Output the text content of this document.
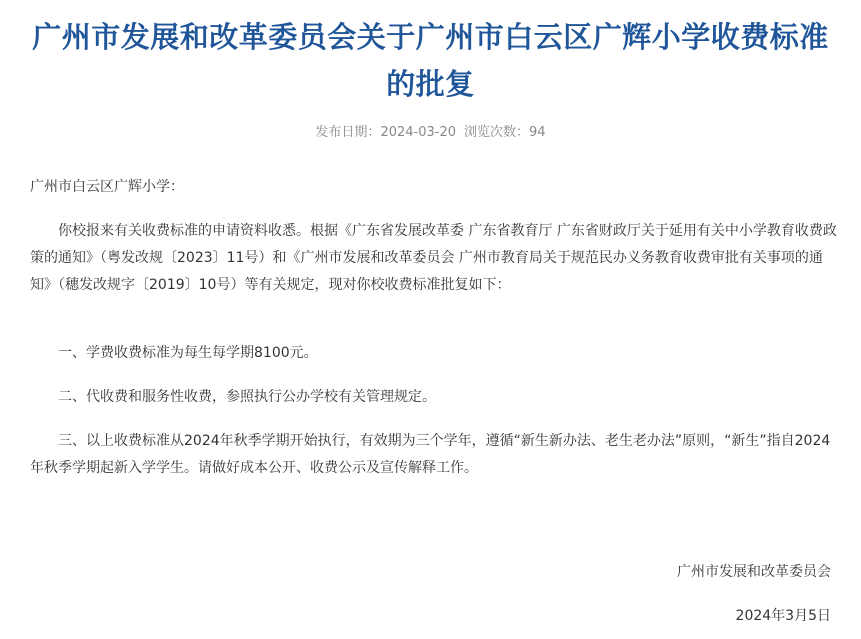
广州市发展和改革委员会关于广州市白云区广辉小学收费标准的批复
发布日期：2024-03-20 浏览次数：94

广州市白云区广辉小学：

你校报来有关收费标准的申请资料收悉。根据《广东省发展改革委 广东省教育厅 广东省财政厅关于延用有关中小学教育收费政策的通知》（粤发改规〔2023〕11号）和《广州市发展和改革委员会 广州市教育局关于规范民办义务教育收费审批有关事项的通知》（穗发改规字〔2019〕10号）等有关规定，现对你校收费标准批复如下：

一、学费收费标准为每生每学期8100元。

二、代收费和服务性收费，参照执行公办学校有关管理规定。

三、以上收费标准从2024年秋季学期开始执行，有效期为三个学年，遵循“新生新办法、老生老办法”原则，“新生”指自2024年秋季学期起新入学学生。请做好成本公开、收费公示及宣传解释工作。

广州市发展和改革委员会
2024年3月5日
